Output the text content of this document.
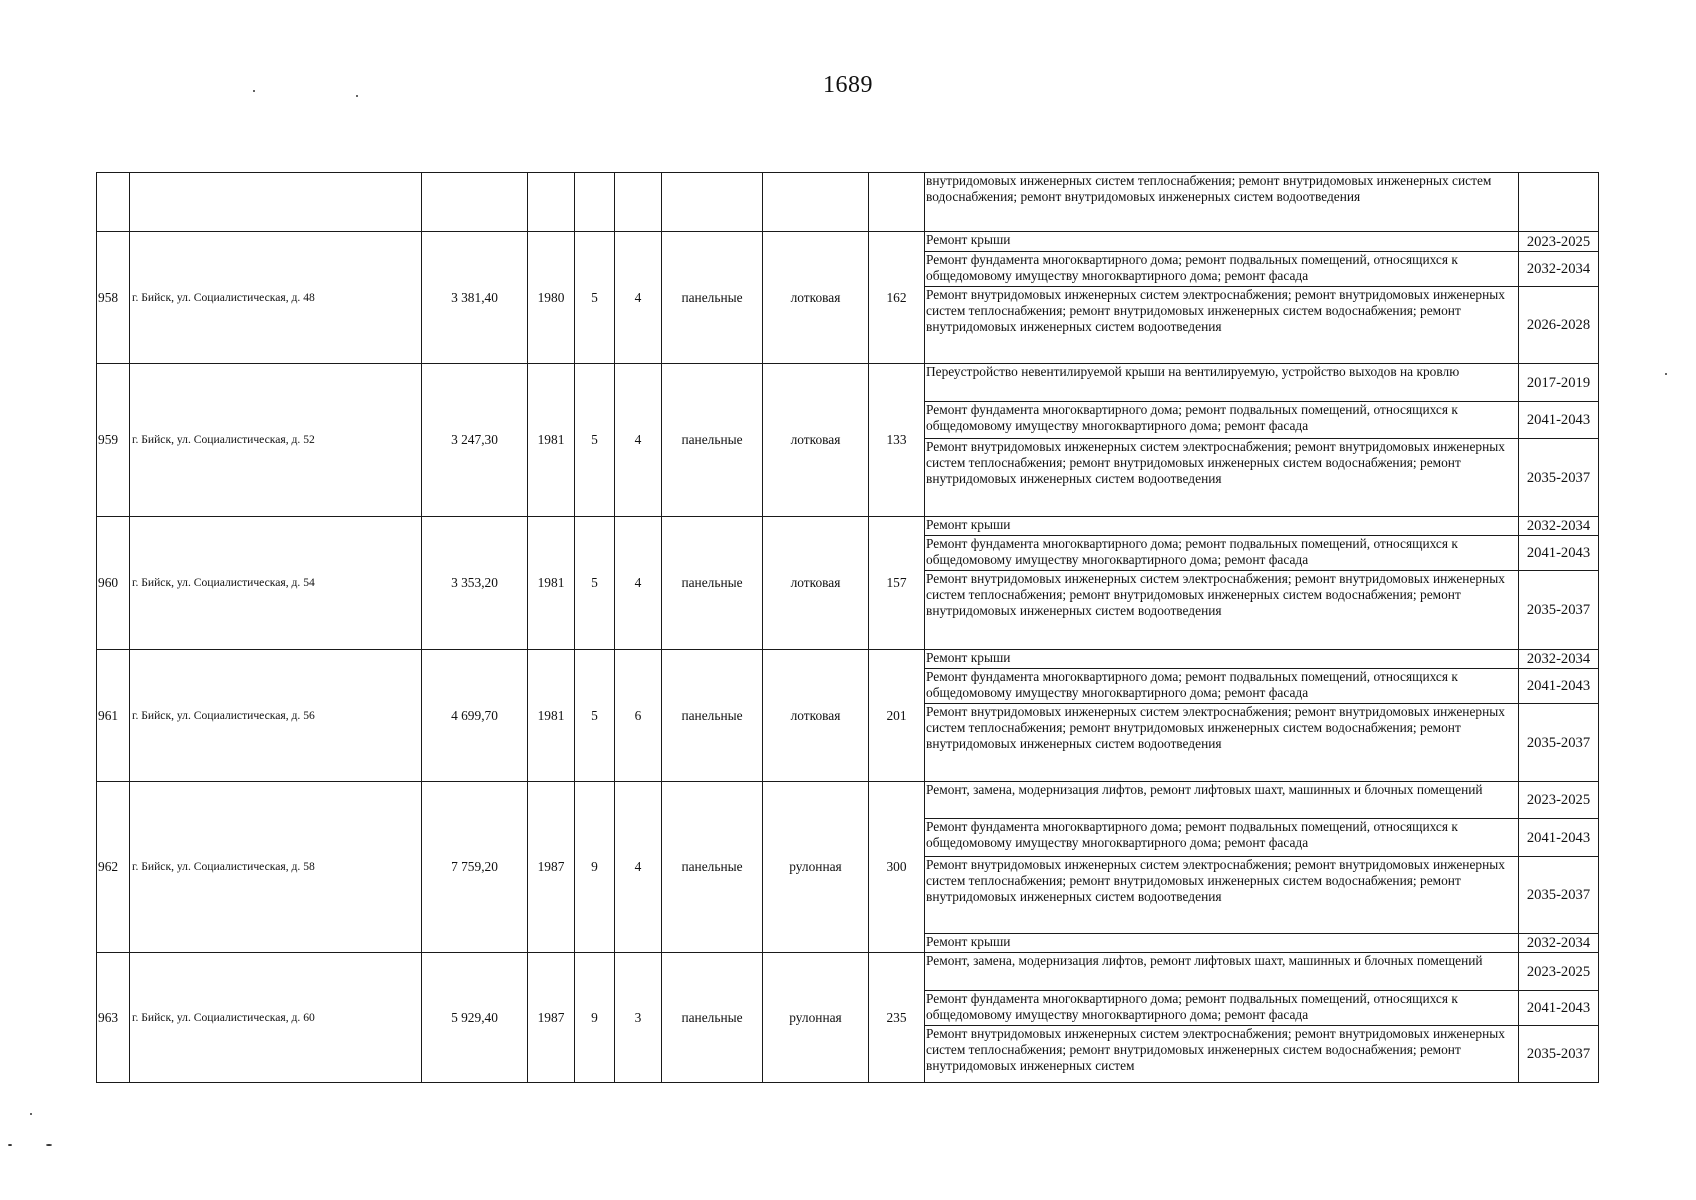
1689
									внутридомовых инженерных систем теплоснабжения; ремонт внутридомовых инженерных систем водоснабжения; ремонт внутридомовых инженерных систем водоотведения	
958	г. Бийск, ул. Социалистическая, д. 48	3 381,40	1980	5	4	панельные	лотковая	162	Ремонт крыши	2023-2025
									Ремонт фундамента многоквартирного дома; ремонт подвальных помещений, относящихся к общедомовому имуществу многоквартирного дома; ремонт фасада	2032-2034
									Ремонт внутридомовых инженерных систем электроснабжения; ремонт внутридомовых инженерных систем теплоснабжения; ремонт внутридомовых инженерных систем водоснабжения; ремонт внутридомовых инженерных систем водоотведения	2026-2028
959	г. Бийск, ул. Социалистическая, д. 52	3 247,30	1981	5	4	панельные	лотковая	133	Переустройство невентилируемой крыши на вентилируемую, устройство выходов на кровлю	2017-2019
									Ремонт фундамента многоквартирного дома; ремонт подвальных помещений, относящихся к общедомовому имуществу многоквартирного дома; ремонт фасада	2041-2043
									Ремонт внутридомовых инженерных систем электроснабжения; ремонт внутридомовых инженерных систем теплоснабжения; ремонт внутридомовых инженерных систем водоснабжения; ремонт внутридомовых инженерных систем водоотведения	2035-2037
960	г. Бийск, ул. Социалистическая, д. 54	3 353,20	1981	5	4	панельные	лотковая	157	Ремонт крыши	2032-2034
									Ремонт фундамента многоквартирного дома; ремонт подвальных помещений, относящихся к общедомовому имуществу многоквартирного дома; ремонт фасада	2041-2043
									Ремонт внутридомовых инженерных систем электроснабжения; ремонт внутридомовых инженерных систем теплоснабжения; ремонт внутридомовых инженерных систем водоснабжения; ремонт внутридомовых инженерных систем водоотведения	2035-2037
961	г. Бийск, ул. Социалистическая, д. 56	4 699,70	1981	5	6	панельные	лотковая	201	Ремонт крыши	2032-2034
									Ремонт фундамента многоквартирного дома; ремонт подвальных помещений, относящихся к общедомовому имуществу многоквартирного дома; ремонт фасада	2041-2043
									Ремонт внутридомовых инженерных систем электроснабжения; ремонт внутридомовых инженерных систем теплоснабжения; ремонт внутридомовых инженерных систем водоснабжения; ремонт внутридомовых инженерных систем водоотведения	2035-2037
962	г. Бийск, ул. Социалистическая, д. 58	7 759,20	1987	9	4	панельные	рулонная	300	Ремонт, замена, модернизация лифтов, ремонт лифтовых шахт, машинных и блочных помещений	2023-2025
									Ремонт фундамента многоквартирного дома; ремонт подвальных помещений, относящихся к общедомовому имуществу многоквартирного дома; ремонт фасада	2041-2043
									Ремонт внутридомовых инженерных систем электроснабжения; ремонт внутридомовых инженерных систем теплоснабжения; ремонт внутридомовых инженерных систем водоснабжения; ремонт внутридомовых инженерных систем водоотведения	2035-2037
									Ремонт крыши	2032-2034
963	г. Бийск, ул. Социалистическая, д. 60	5 929,40	1987	9	3	панельные	рулонная	235	Ремонт, замена, модернизация лифтов, ремонт лифтовых шахт, машинных и блочных помещений	2023-2025
									Ремонт фундамента многоквартирного дома; ремонт подвальных помещений, относящихся к общедомовому имуществу многоквартирного дома; ремонт фасада	2041-2043
									Ремонт внутридомовых инженерных систем электроснабжения; ремонт внутридомовых инженерных систем теплоснабжения; ремонт внутридомовых инженерных систем водоснабжения; ремонт внутридомовых инженерных систем	2035-2037
